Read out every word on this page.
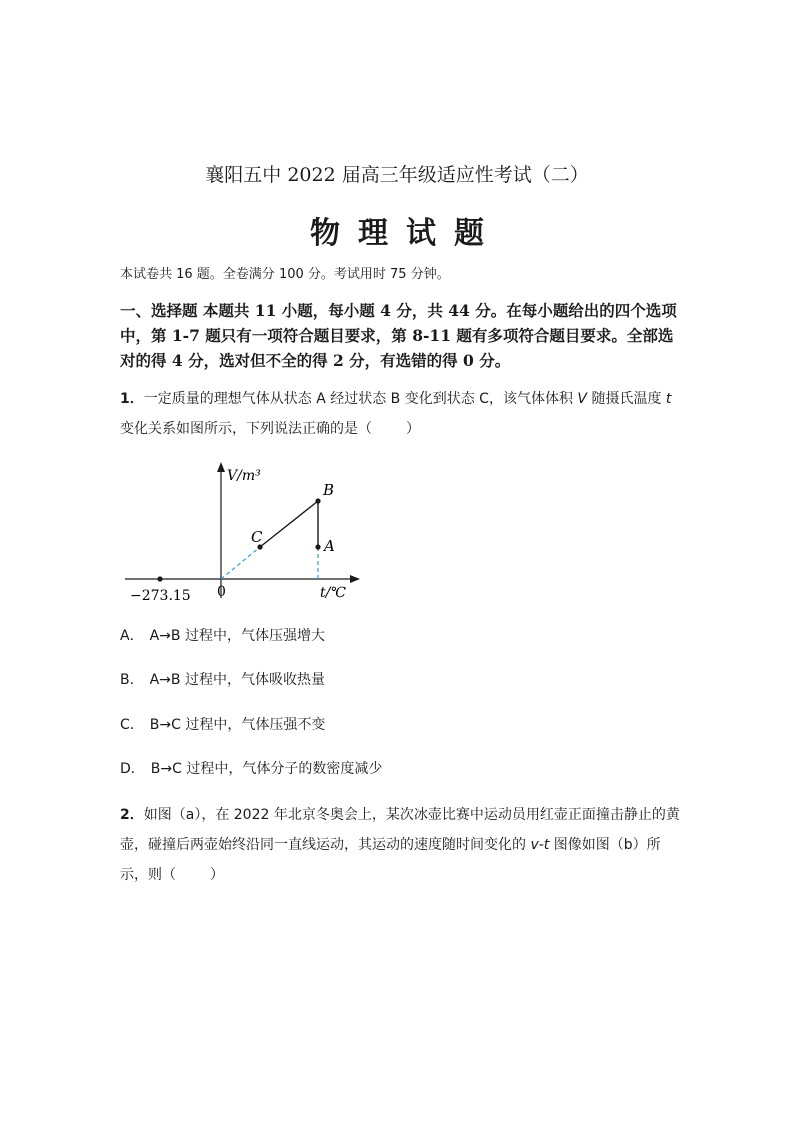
襄阳五中 2022 届高三年级适应性考试（二）
物理试题
本试卷共 16 题。全卷满分 100 分。考试用时 75 分钟。
一、选择题 本题共 11 小题，每小题 4 分，共 44 分。在每小题给出的四个选项中，第 1-7 题只有一项符合题目要求，第 8-11 题有多项符合题目要求。全部选对的得 4 分，选对但不全的得 2 分，有选错的得 0 分。
1．一定质量的理想气体从状态 A 经过状态 B 变化到状态 C，该气体体积 V 随摄氏温度 t 变化关系如图所示，下列说法正确的是（ ）
V/m³
t/℃
0
−273.15
C
B
A
A． A→B 过程中，气体压强增大
B． A→B 过程中，气体吸收热量
C． B→C 过程中，气体压强不变
D． B→C 过程中，气体分子的数密度减少
2．如图（a），在 2022 年北京冬奥会上，某次冰壶比赛中运动员用红壶正面撞击静止的黄壶，碰撞后两壶始终沿同一直线运动，其运动的速度随时间变化的 v-t 图像如图（b）所示，则（ ）
